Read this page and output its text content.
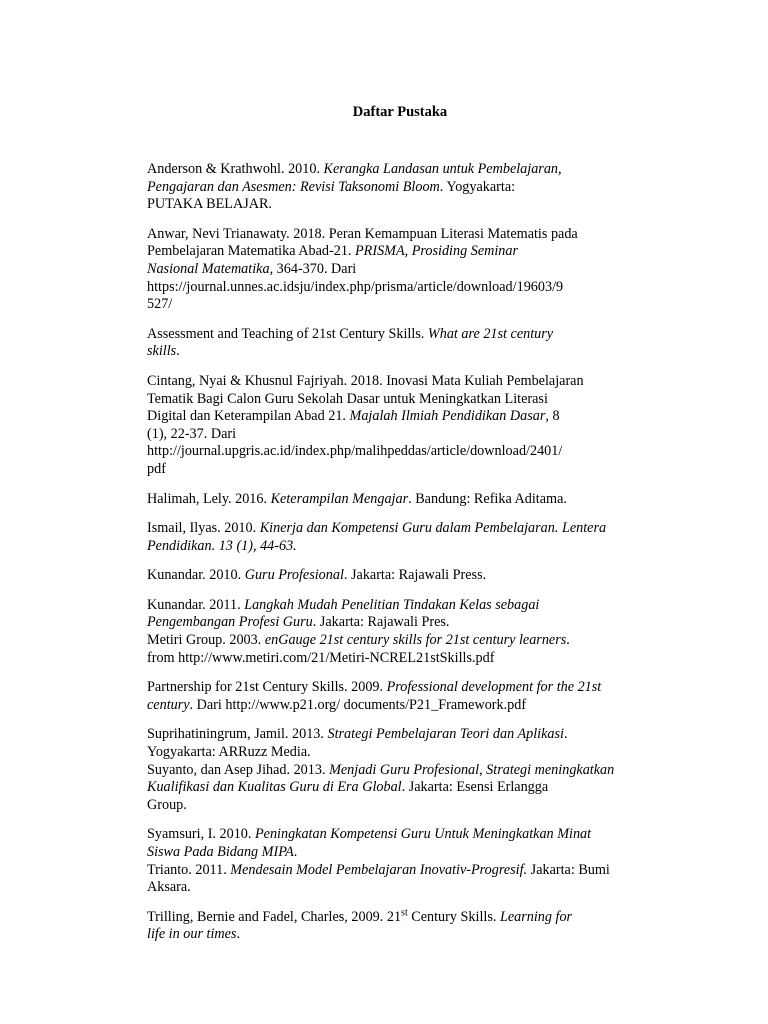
Daftar Pustaka
Anderson & Krathwohl. 2010. Kerangka Landasan untuk Pembelajaran,
Pengajaran dan Asesmen: Revisi Taksonomi Bloom. Yogyakarta:
PUTAKA BELAJAR.
Anwar, Nevi Trianawaty. 2018. Peran Kemampuan Literasi Matematis pada
Pembelajaran Matematika Abad-21. PRISMA, Prosiding Seminar
Nasional Matematika, 364-370. Dari
https://journal.unnes.ac.idsju/index.php/prisma/article/download/19603/9
527/
Assessment and Teaching of 21st Century Skills. What are 21st century
skills.
Cintang, Nyai & Khusnul Fajriyah. 2018. Inovasi Mata Kuliah Pembelajaran
Tematik Bagi Calon Guru Sekolah Dasar untuk Meningkatkan Literasi
Digital dan Keterampilan Abad 21. Majalah Ilmiah Pendidikan Dasar, 8
(1), 22-37. Dari
http://journal.upgris.ac.id/index.php/malihpeddas/article/download/2401/
pdf
Halimah, Lely. 2016. Keterampilan Mengajar. Bandung: Refika Aditama.
Ismail, Ilyas. 2010. Kinerja dan Kompetensi Guru dalam Pembelajaran. Lentera
Pendidikan. 13 (1), 44-63.
Kunandar. 2010. Guru Profesional. Jakarta: Rajawali Press.
Kunandar. 2011. Langkah Mudah Penelitian Tindakan Kelas sebagai
Pengembangan Profesi Guru. Jakarta: Rajawali Pres.
Metiri Group. 2003. enGauge 21st century skills for 21st century learners.
from http://www.metiri.com/21/Metiri-NCREL21stSkills.pdf
Partnership for 21st Century Skills. 2009. Professional development for the 21st
century. Dari http://www.p21.org/ documents/P21_Framework.pdf
Suprihatiningrum, Jamil. 2013. Strategi Pembelajaran Teori dan Aplikasi.
Yogyakarta: ARRuzz Media.
Suyanto, dan Asep Jihad. 2013. Menjadi Guru Profesional, Strategi meningkatkan
Kualifikasi dan Kualitas Guru di Era Global. Jakarta: Esensi Erlangga
Group.
Syamsuri, I. 2010. Peningkatan Kompetensi Guru Untuk Meningkatkan Minat
Siswa Pada Bidang MIPA.
Trianto. 2011. Mendesain Model Pembelajaran Inovativ-Progresif. Jakarta: Bumi
Aksara.
Trilling, Bernie and Fadel, Charles, 2009. 21st Century Skills. Learning for
life in our times.
